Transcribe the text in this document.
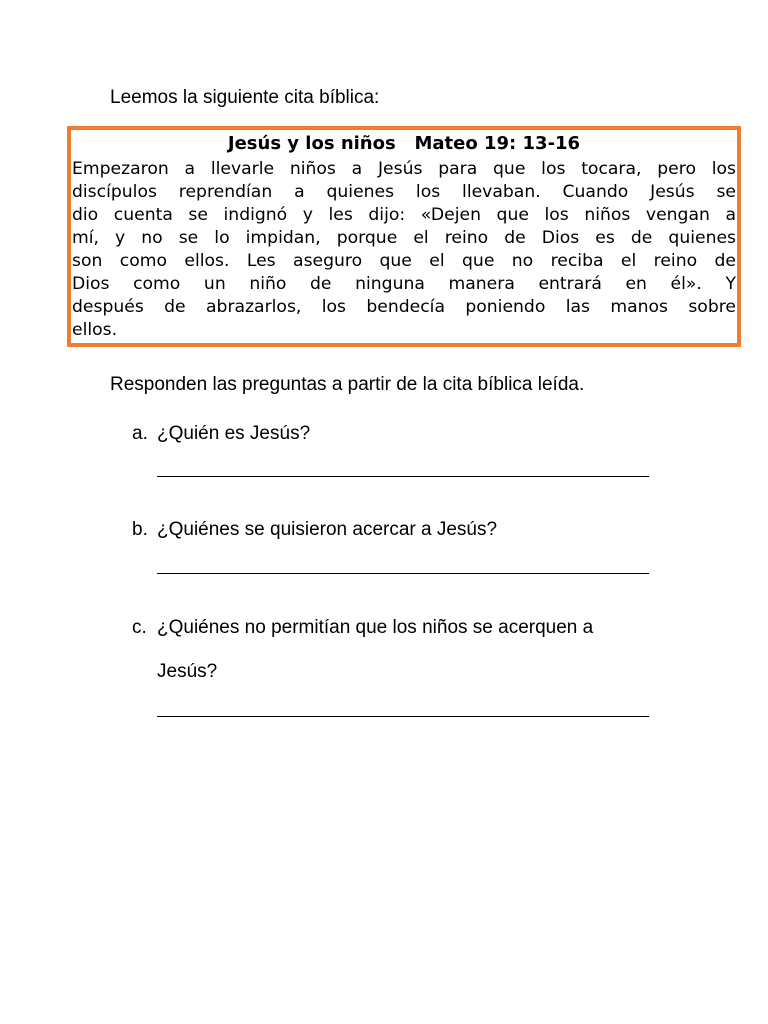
Leemos la siguiente cita bíblica:
Jesús y los niños   Mateo 19: 13-16
Empezaron a llevarle niños a Jesús para que los tocara, pero los
discípulos reprendían a quienes los llevaban. Cuando Jesús se
dio cuenta se indignó y les dijo: «Dejen que los niños vengan a
mí, y no se lo impidan, porque el reino de Dios es de quienes
son como ellos. Les aseguro que el que no reciba el reino de
Dios como un niño de ninguna manera entrará en él». Y
después de abrazarlos, los bendecía poniendo las manos sobre
ellos.
Responden las preguntas a partir de la cita bíblica leída.
a. ¿Quién es Jesús?
b. ¿Quiénes se quisieron acercar a Jesús?
c. ¿Quiénes no permitían que los niños se acerquen a
Jesús?
